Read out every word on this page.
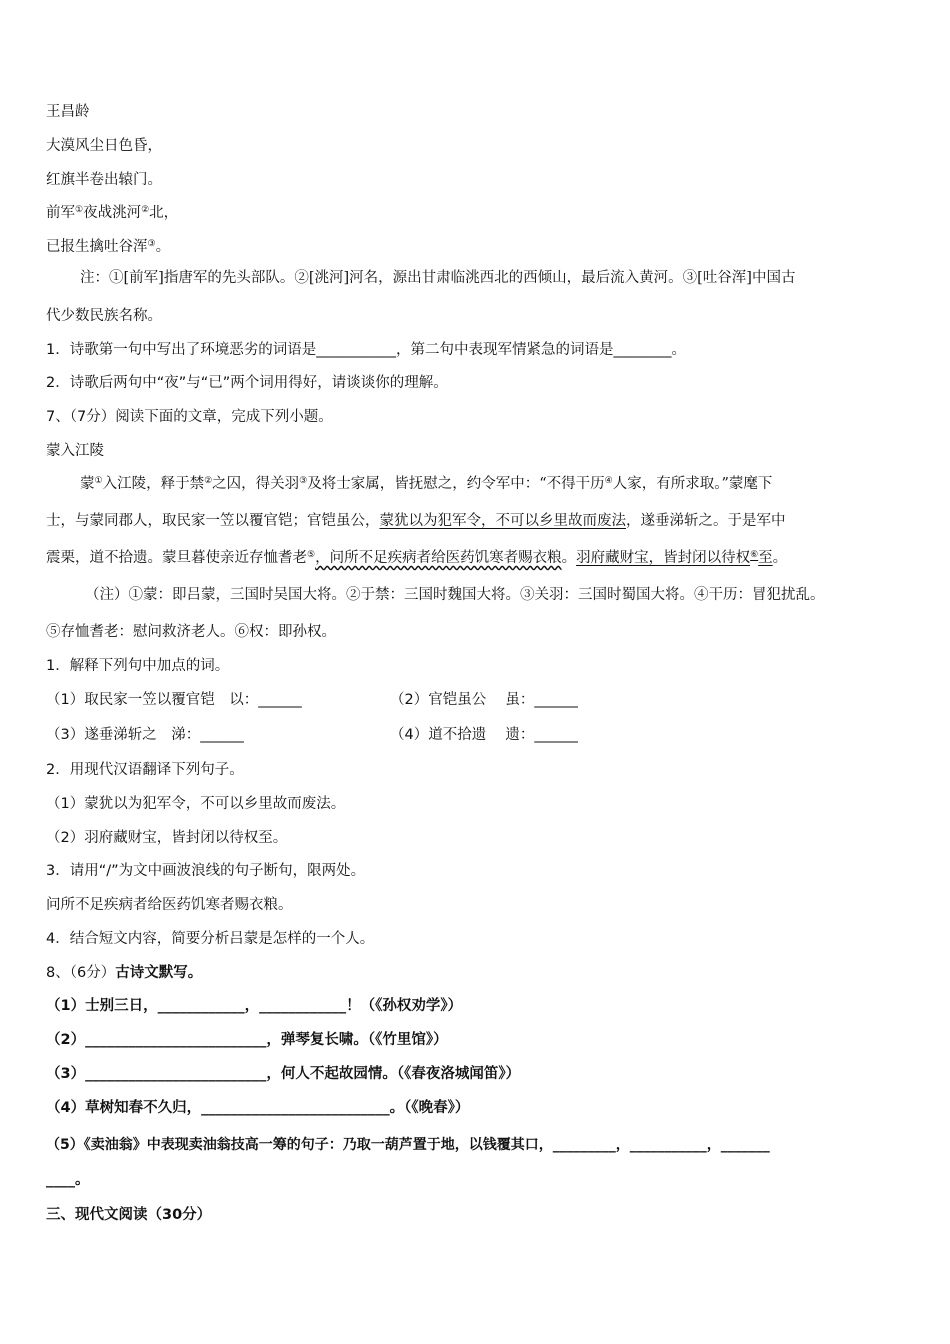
王昌龄
大漠风尘日色昏，
红旗半卷出辕门。
前军①夜战洮河②北，
已报生擒吐谷浑③。
注：①[前军]指唐军的先头部队。②[洮河]河名，源出甘肃临洮西北的西倾山，最后流入黄河。③[吐谷浑]中国古
代少数民族名称。
1．诗歌第一句中写出了环境恶劣的词语是___________，第二句中表现军情紧急的词语是________。
2．诗歌后两句中“夜”与“已”两个词用得好，请谈谈你的理解。
7、（7分）阅读下面的文章，完成下列小题。
蒙入江陵
蒙①入江陵，释于禁②之囚，得关羽③及将士家属，皆抚慰之，约令军中：“不得干历④人家，有所求取。”蒙麾下
士，与蒙同郡人，取民家一笠以覆官铠；官铠虽公，蒙犹以为犯军令，不可以乡里故而废法，遂垂涕斩之。于是军中
震栗，道不拾遗。蒙旦暮使亲近存恤耆老⑤，问所不足疾病者给医药饥寒者赐衣粮。羽府藏财宝，皆封闭以待权⑥至。
（注）①蒙：即吕蒙，三国时吴国大将。②于禁：三国时魏国大将。③关羽：三国时蜀国大将。④干历：冒犯扰乱。
⑤存恤耆老：慰问救济老人。⑥权：即孙权。
1．解释下列句中加点的词。
（1）取民家一笠以覆官铠　以：______	（2）官铠虽公　 虽：______
（3）遂垂涕斩之　涕：______	（4）道不拾遗　 遗：______
2．用现代汉语翻译下列句子。
（1）蒙犹以为犯军令，不可以乡里故而废法。
（2）羽府藏财宝，皆封闭以待权至。
3．请用“/”为文中画波浪线的句子断句，限两处。
问所不足疾病者给医药饥寒者赐衣粮。
4．结合短文内容，简要分析吕蒙是怎样的一个人。
8、（6分）古诗文默写。
（1）士别三日，____________，____________！（《孙权劝学》）
（2）_________________________，弹琴复长啸。（《竹里馆》）
（3）_________________________，何人不起故园情。（《春夜洛城闻笛》）
（4）草树知春不久归，__________________________。（《晚春》）
（5）《卖油翁》中表现卖油翁技高一筹的句子：乃取一葫芦置于地，以钱覆其口，_________，___________，_______
____。
三、现代文阅读（30分）
